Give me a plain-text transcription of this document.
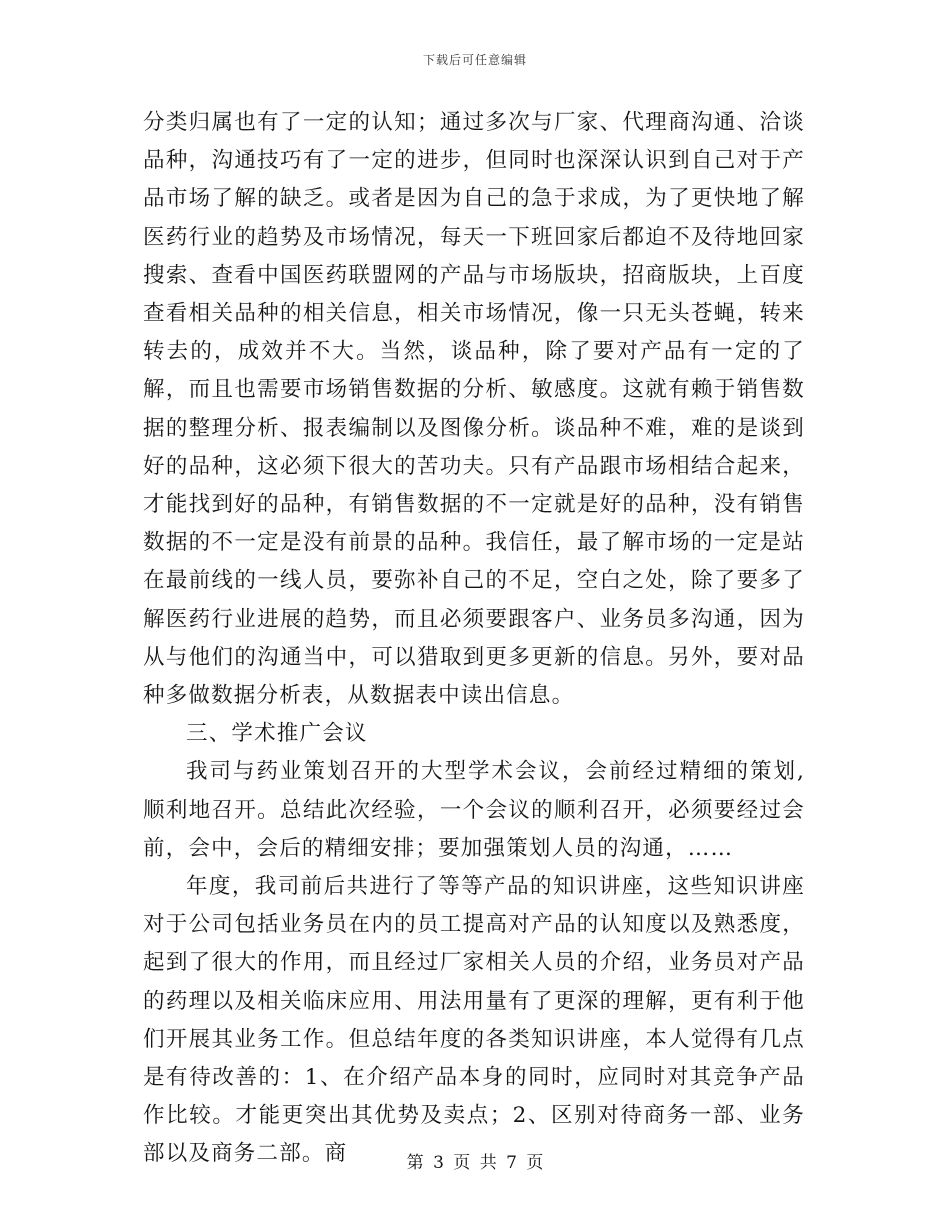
下载后可任意编辑

分类归属也有了一定的认知；通过多次与厂家、代理商沟通、洽谈品种，沟通技巧有了一定的进步，但同时也深深认识到自己对于产品市场了解的缺乏。或者是因为自己的急于求成，为了更快地了解医药行业的趋势及市场情况，每天一下班回家后都迫不及待地回家搜索、查看中国医药联盟网的产品与市场版块，招商版块，上百度查看相关品种的相关信息，相关市场情况，像一只无头苍蝇，转来转去的，成效并不大。当然，谈品种，除了要对产品有一定的了解，而且也需要市场销售数据的分析、敏感度。这就有赖于销售数据的整理分析、报表编制以及图像分析。谈品种不难，难的是谈到好的品种，这必须下很大的苦功夫。只有产品跟市场相结合起来，才能找到好的品种，有销售数据的不一定就是好的品种，没有销售数据的不一定是没有前景的品种。我信任，最了解市场的一定是站在最前线的一线人员，要弥补自己的不足，空白之处，除了要多了解医药行业进展的趋势，而且必须要跟客户、业务员多沟通，因为从与他们的沟通当中，可以猎取到更多更新的信息。另外，要对品种多做数据分析表，从数据表中读出信息。

三、学术推广会议

我司与药业策划召开的大型学术会议，会前经过精细的策划,顺利地召开。总结此次经验，一个会议的顺利召开，必须要经过会前，会中，会后的精细安排；要加强策划人员的沟通，……

年度，我司前后共进行了等等产品的知识讲座，这些知识讲座对于公司包括业务员在内的员工提高对产品的认知度以及熟悉度，起到了很大的作用，而且经过厂家相关人员的介绍，业务员对产品的药理以及相关临床应用、用法用量有了更深的理解，更有利于他们开展其业务工作。但总结年度的各类知识讲座，本人觉得有几点是有待改善的：1、在介绍产品本身的同时，应同时对其竞争产品作比较。才能更突出其优势及卖点；2、区别对待商务一部、业务部以及商务二部。商	第 3 页 共 7 页
